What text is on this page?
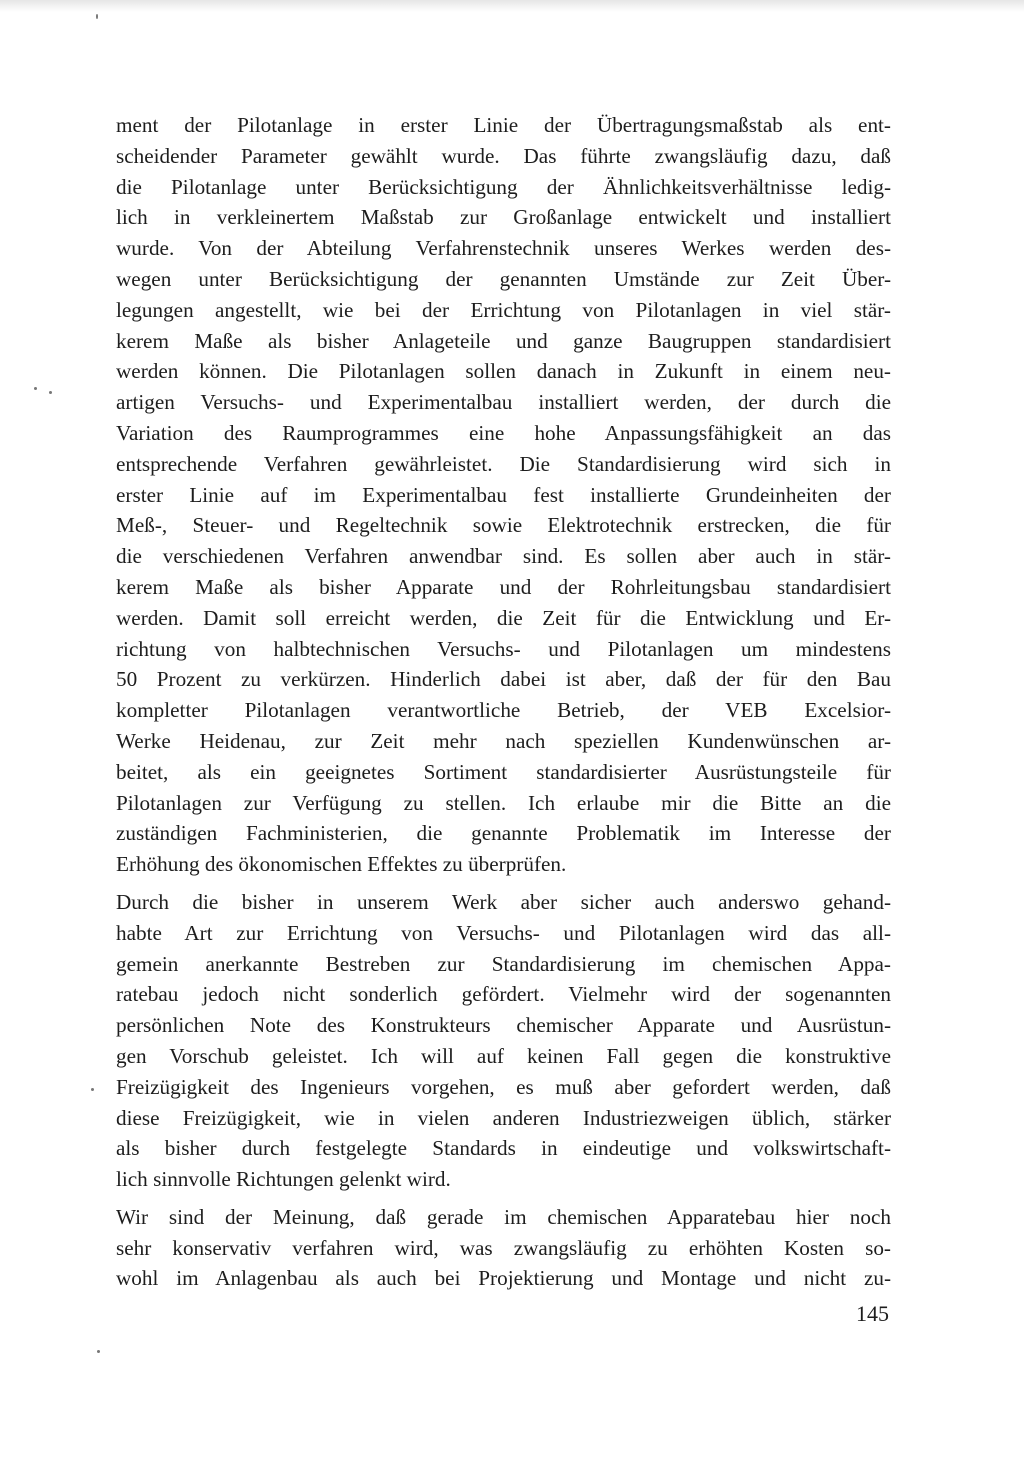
ment der Pilotanlage in erster Linie der Übertragungsmaßstab als ent-
scheidender Parameter gewählt wurde. Das führte zwangsläufig dazu, daß
die Pilotanlage unter Berücksichtigung der Ähnlichkeitsverhältnisse ledig-
lich in verkleinertem Maßstab zur Großanlage entwickelt und installiert
wurde. Von der Abteilung Verfahrenstechnik unseres Werkes werden des-
wegen unter Berücksichtigung der genannten Umstände zur Zeit Über-
legungen angestellt, wie bei der Errichtung von Pilotanlagen in viel stär-
kerem Maße als bisher Anlageteile und ganze Baugruppen standardisiert
werden können. Die Pilotanlagen sollen danach in Zukunft in einem neu-
artigen Versuchs- und Experimentalbau installiert werden, der durch die
Variation des Raumprogrammes eine hohe Anpassungsfähigkeit an das
entsprechende Verfahren gewährleistet. Die Standardisierung wird sich in
erster Linie auf im Experimentalbau fest installierte Grundeinheiten der
Meß-, Steuer- und Regeltechnik sowie Elektrotechnik erstrecken, die für
die verschiedenen Verfahren anwendbar sind. Es sollen aber auch in stär-
kerem Maße als bisher Apparate und der Rohrleitungsbau standardisiert
werden. Damit soll erreicht werden, die Zeit für die Entwicklung und Er-
richtung von halbtechnischen Versuchs- und Pilotanlagen um mindestens
50 Prozent zu verkürzen. Hinderlich dabei ist aber, daß der für den Bau
kompletter Pilotanlagen verantwortliche Betrieb, der VEB Excelsior-
Werke Heidenau, zur Zeit mehr nach speziellen Kundenwünschen ar-
beitet, als ein geeignetes Sortiment standardisierter Ausrüstungsteile für
Pilotanlagen zur Verfügung zu stellen. Ich erlaube mir die Bitte an die
zuständigen Fachministerien, die genannte Problematik im Interesse der
Erhöhung des ökonomischen Effektes zu überprüfen.
Durch die bisher in unserem Werk aber sicher auch anderswo gehand-
habte Art zur Errichtung von Versuchs- und Pilotanlagen wird das all-
gemein anerkannte Bestreben zur Standardisierung im chemischen Appa-
ratebau jedoch nicht sonderlich gefördert. Vielmehr wird der sogenannten
persönlichen Note des Konstrukteurs chemischer Apparate und Ausrüstun-
gen Vorschub geleistet. Ich will auf keinen Fall gegen die konstruktive
Freizügigkeit des Ingenieurs vorgehen, es muß aber gefordert werden, daß
diese Freizügigkeit, wie in vielen anderen Industriezweigen üblich, stärker
als bisher durch festgelegte Standards in eindeutige und volkswirtschaft-
lich sinnvolle Richtungen gelenkt wird.
Wir sind der Meinung, daß gerade im chemischen Apparatebau hier noch
sehr konservativ verfahren wird, was zwangsläufig zu erhöhten Kosten so-
wohl im Anlagenbau als auch bei Projektierung und Montage und nicht zu-
145
